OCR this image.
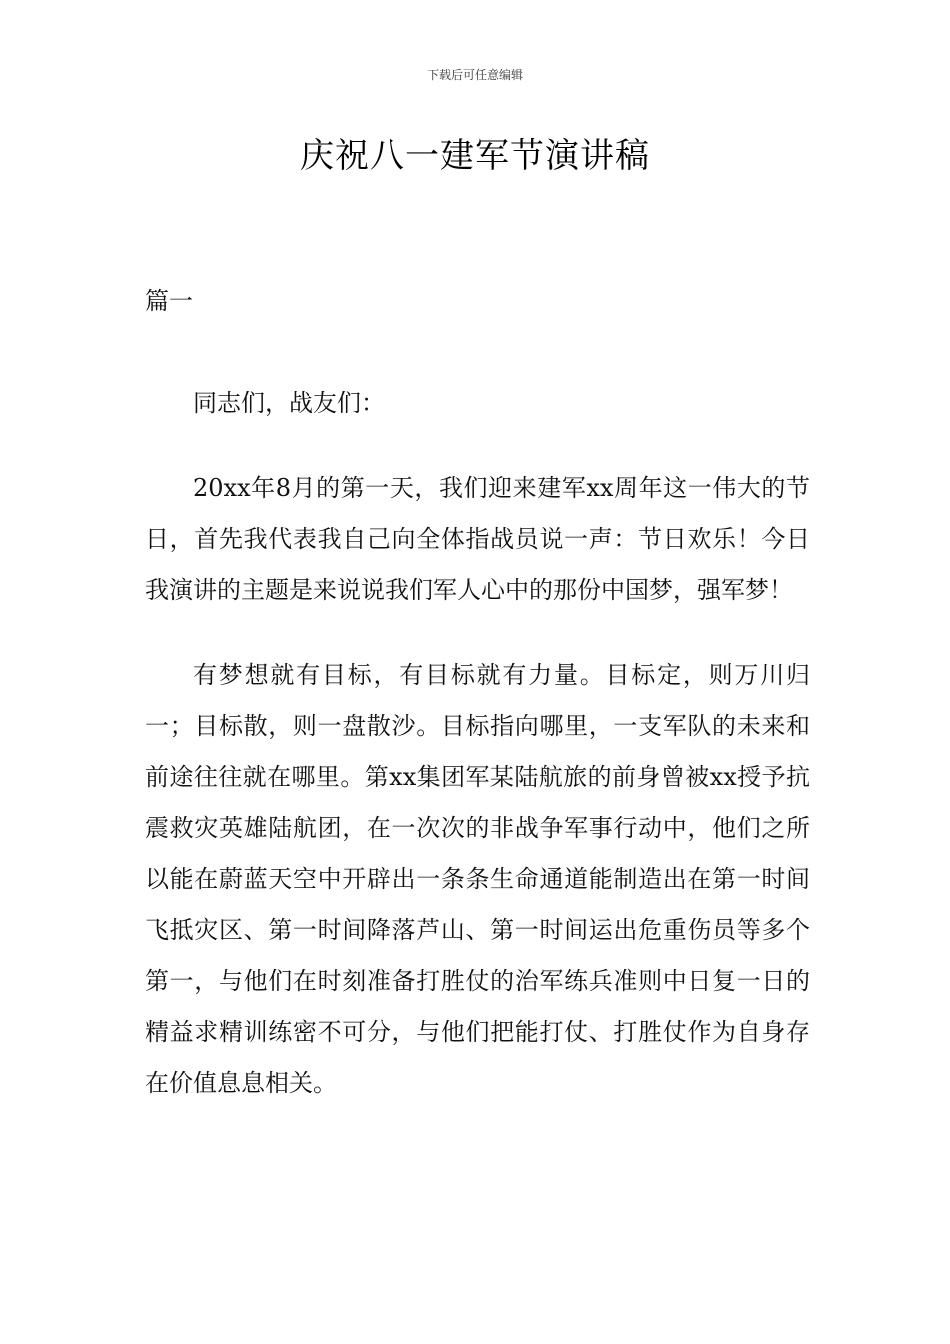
下载后可任意编辑
庆祝八一建军节演讲稿
篇一

同志们，战友们：

20xx年8月的第一天，我们迎来建军xx周年这一伟大的节日，首先我代表我自己向全体指战员说一声：节日欢乐！今日我演讲的主题是来说说我们军人心中的那份中国梦，强军梦！

有梦想就有目标，有目标就有力量。目标定，则万川归一；目标散，则一盘散沙。目标指向哪里，一支军队的未来和前途往往就在哪里。第xx集团军某陆航旅的前身曾被xx授予抗震救灾英雄陆航团，在一次次的非战争军事行动中，他们之所以能在蔚蓝天空中开辟出一条条生命通道能制造出在第一时间飞抵灾区、第一时间降落芦山、第一时间运出危重伤员等多个第一，与他们在时刻准备打胜仗的治军练兵准则中日复一日的精益求精训练密不可分，与他们把能打仗、打胜仗作为自身存在价值息息相关。
